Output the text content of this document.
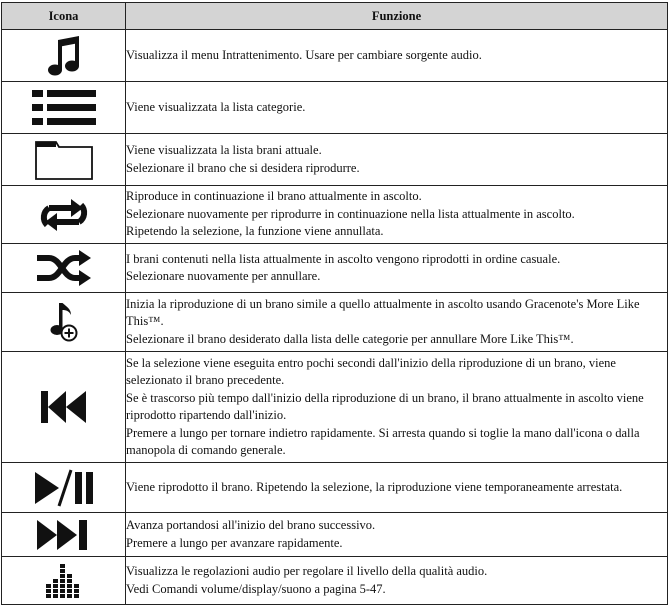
Icona	Funzione

Visualizza il menu Intrattenimento. Usare per cambiare sorgente audio.

Viene visualizzata la lista categorie.

Viene visualizzata la lista brani attuale.
Selezionare il brano che si desidera riprodurre.

Riproduce in continuazione il brano attualmente in ascolto.
Selezionare nuovamente per riprodurre in continuazione nella lista attualmente in ascolto.
Ripetendo la selezione, la funzione viene annullata.

I brani contenuti nella lista attualmente in ascolto vengono riprodotti in ordine casuale.
Selezionare nuovamente per annullare.

Inizia la riproduzione di un brano simile a quello attualmente in ascolto usando Gracenote's More Like This™.
Selezionare il brano desiderato dalla lista delle categorie per annullare More Like This™.

Se la selezione viene eseguita entro pochi secondi dall'inizio della riproduzione di un brano, viene selezionato il brano precedente.
Se è trascorso più tempo dall'inizio della riproduzione di un brano, il brano attualmente in ascolto viene riprodotto ripartendo dall'inizio.
Premere a lungo per tornare indietro rapidamente. Si arresta quando si toglie la mano dall'icona o dalla manopola di comando generale.

Viene riprodotto il brano. Ripetendo la selezione, la riproduzione viene temporaneamente arrestata.

Avanza portandosi all'inizio del brano successivo.
Premere a lungo per avanzare rapidamente.

Visualizza le regolazioni audio per regolare il livello della qualità audio.
Vedi Comandi volume/display/suono a pagina 5-47.
